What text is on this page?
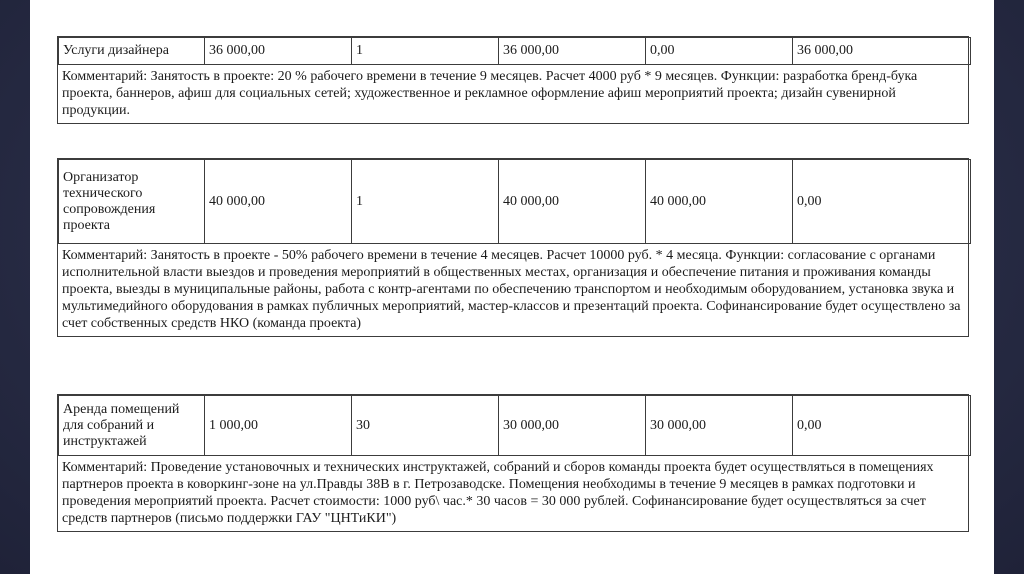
Услуги дизайнера	36 000,00	1	36 000,00	0,00	36 000,00
Комментарий: Занятость в проекте: 20 % рабочего времени в течение 9 месяцев. Расчет 4000 руб * 9 месяцев. Функции: разработка бренд-бука проекта, баннеров, афиш для социальных сетей; художественное и рекламное оформление афиш мероприятий проекта; дизайн сувенирной продукции.
Организатор технического сопровождения проекта	40 000,00	1	40 000,00	40 000,00	0,00
Комментарий: Занятость в проекте - 50% рабочего времени в течение 4 месяцев. Расчет 10000 руб. * 4 месяца. Функции: согласование с органами исполнительной власти выездов и проведения мероприятий в общественных местах, организация и обеспечение питания и проживания команды проекта, выезды в муниципальные районы, работа с контр-агентами по обеспечению транспортом и необходимым оборудованием, установка звука и мультимедийного оборудования в рамках публичных мероприятий, мастер-классов и презентаций проекта. Софинансирование будет осуществлено за счет собственных средств НКО (команда проекта)
Аренда помещений для собраний и инструктажей	1 000,00	30	30 000,00	30 000,00	0,00
Комментарий: Проведение установочных и технических инструктажей, собраний и сборов команды проекта будет осуществляться в помещениях партнеров проекта в коворкинг-зоне на ул.Правды 38В в г. Петрозаводске. Помещения необходимы в течение 9 месяцев в рамках подготовки и проведения мероприятий проекта. Расчет стоимости: 1000 руб\ час.* 30 часов = 30 000 рублей. Софинансирование будет осуществляться за счет средств партнеров (письмо поддержки ГАУ "ЦНТиКИ")
